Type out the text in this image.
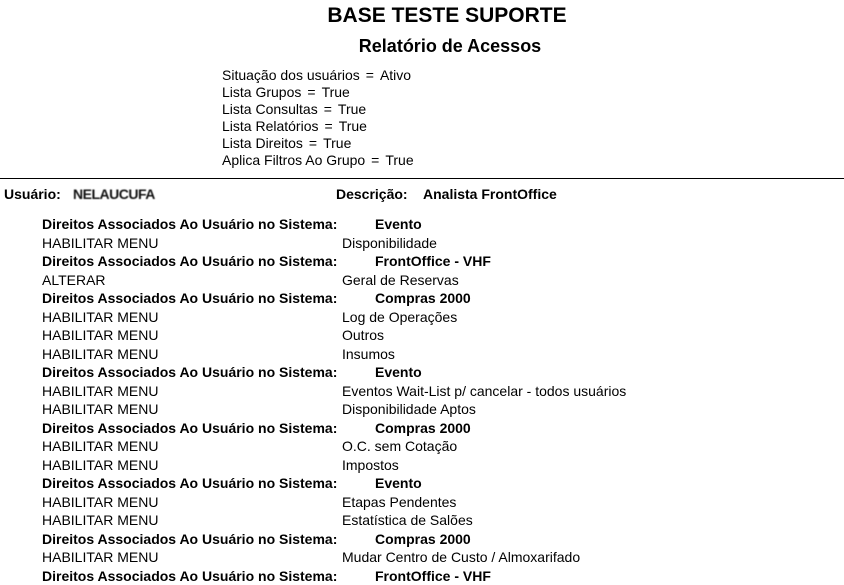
BASE TESTE SUPORTE
Relatório de Acessos
Situação dos usuários = Ativo
Lista Grupos = True
Lista Consultas = True
Lista Relatórios = True
Lista Direitos = True
Aplica Filtros Ao Grupo = True
Usuário: NELAUCUFA	Descrição: Analista FrontOffice
Direitos Associados Ao Usuário no Sistema:	Evento
HABILITAR MENU	Disponibilidade
Direitos Associados Ao Usuário no Sistema:	FrontOffice - VHF
ALTERAR	Geral de Reservas
Direitos Associados Ao Usuário no Sistema:	Compras 2000
HABILITAR MENU	Log de Operações
HABILITAR MENU	Outros
HABILITAR MENU	Insumos
Direitos Associados Ao Usuário no Sistema:	Evento
HABILITAR MENU	Eventos Wait-List p/ cancelar - todos usuários
HABILITAR MENU	Disponibilidade Aptos
Direitos Associados Ao Usuário no Sistema:	Compras 2000
HABILITAR MENU	O.C. sem Cotação
HABILITAR MENU	Impostos
Direitos Associados Ao Usuário no Sistema:	Evento
HABILITAR MENU	Etapas Pendentes
HABILITAR MENU	Estatística de Salões
Direitos Associados Ao Usuário no Sistema:	Compras 2000
HABILITAR MENU	Mudar Centro de Custo / Almoxarifado
Direitos Associados Ao Usuário no Sistema:	FrontOffice - VHF
